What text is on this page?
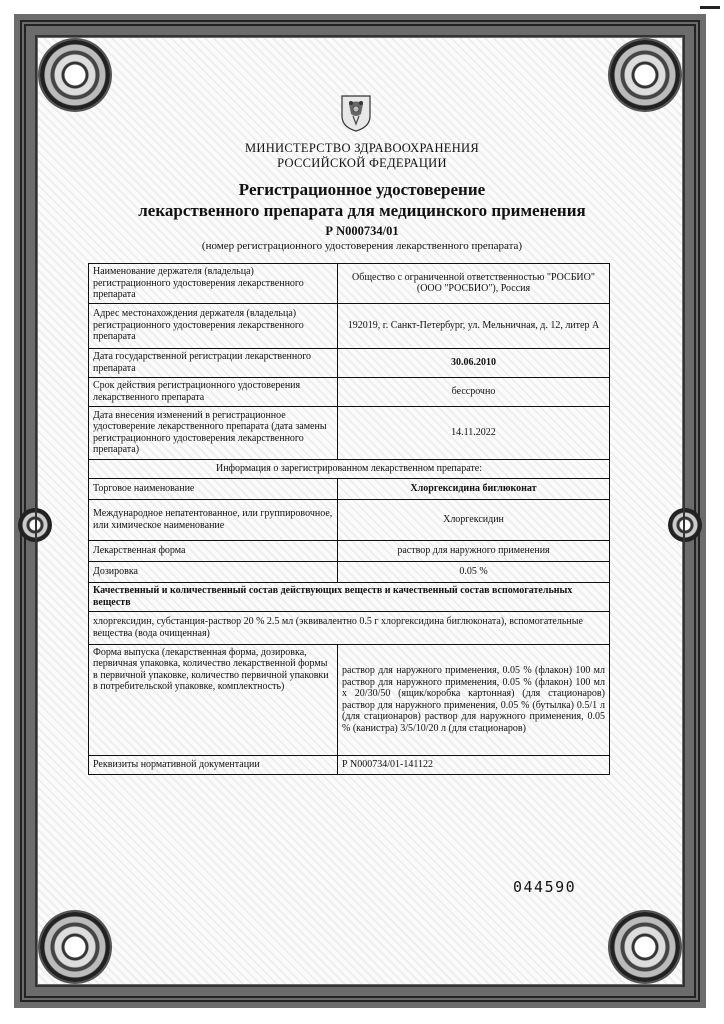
МИНИСТЕРСТВО ЗДРАВООХРАНЕНИЯ
РОССИЙСКОЙ ФЕДЕРАЦИИ
Регистрационное удостоверение
лекарственного препарата для медицинского применения
Р N000734/01
(номер регистрационного удостоверения лекарственного препарата)
Наименование держателя (владельца) регистрационного удостоверения лекарственного препарата	Общество с ограниченной ответственностью "РОСБИО" (ООО "РОСБИО"), Россия
Адрес местонахождения держателя (владельца) регистрационного удостоверения лекарственного препарата	192019, г. Санкт-Петербург, ул. Мельничная, д. 12, литер А
Дата государственной регистрации лекарственного препарата	30.06.2010
Срок действия регистрационного удостоверения лекарственного препарата	бессрочно
Дата внесения изменений в регистрационное удостоверение лекарственного препарата (дата замены регистрационного удостоверения лекарственного препарата)	14.11.2022
Информация о зарегистрированном лекарственном препарате:	
Торговое наименование	Хлоргексидина биглюконат
Международное непатентованное, или группировочное, или химическое наименование	Хлоргексидин
Лекарственная форма	раствор для наружного применения
Дозировка	0.05 %
Качественный и количественный состав действующих веществ и качественный состав вспомогательных веществ	
хлоргексидин, субстанция-раствор 20 % 2.5 мл (эквивалентно 0.5 г хлоргексидина биглюконата), вспомогательные вещества (вода очищенная)	
Форма выпуска (лекарственная форма, дозировка, первичная упаковка, количество лекарственной формы в первичной упаковке, количество первичной упаковки в потребительской упаковке, комплектность)	раствор для наружного применения, 0.05 % (флакон) 100 мл раствор для наружного применения, 0.05 % (флакон) 100 мл x 20/30/50 (ящик/коробка картонная) (для стационаров) раствор для наружного применения, 0.05 % (бутылка) 0.5/1 л (для стационаров) раствор для наружного применения, 0.05 % (канистра) 3/5/10/20 л (для стационаров)
Реквизиты нормативной документации	Р N000734/01-141122
044590
